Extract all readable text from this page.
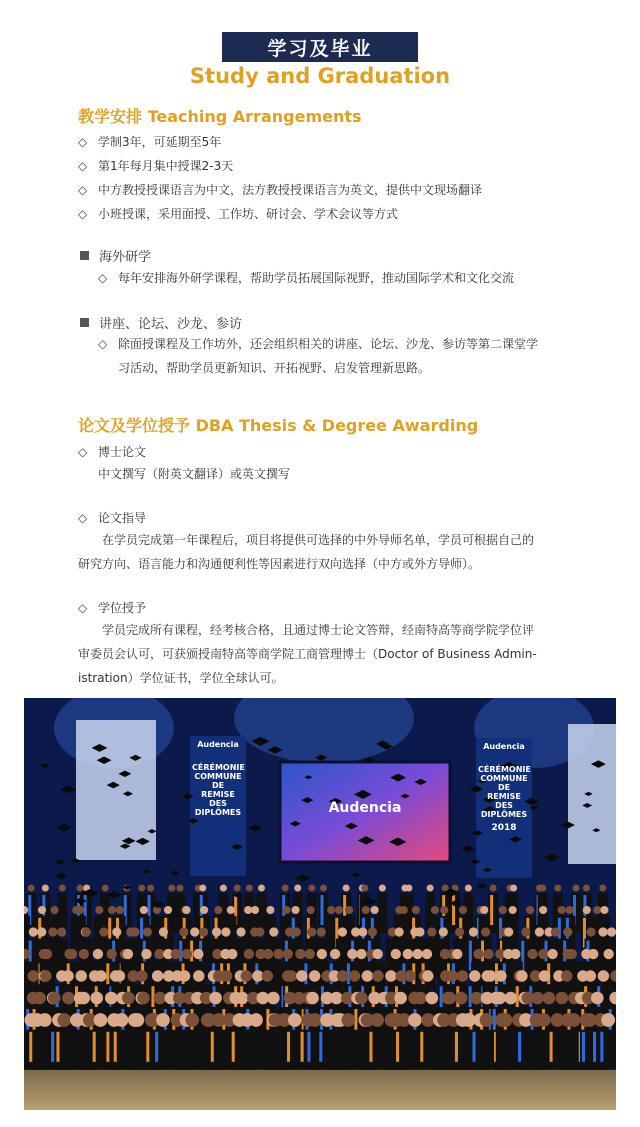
学习及毕业
Study and Graduation
教学安排 Teaching Arrangements
◇ 学制3年，可延期至5年
◇ 第1年每月集中授课2-3天
◇ 中方教授授课语言为中文，法方教授授课语言为英文，提供中文现场翻译
◇ 小班授课，采用面授、工作坊、研讨会、学术会议等方式
海外研学
◇ 每年安排海外研学课程，帮助学员拓展国际视野，推动国际学术和文化交流
讲座、论坛、沙龙、参访
◇ 除面授课程及工作坊外，还会组织相关的讲座、论坛、沙龙、参访等第二课堂学
习活动，帮助学员更新知识、开拓视野、启发管理新思路。
论文及学位授予 DBA Thesis & Degree Awarding
◇ 博士论文
中文撰写（附英文翻译）或英文撰写
◇ 论文指导
在学员完成第一年课程后，项目将提供可选择的中外导师名单，学员可根据自己的
研究方向、语言能力和沟通便利性等因素进行双向选择（中方或外方导师）。
◇ 学位授予
学员完成所有课程，经考核合格，且通过博士论文答辩，经南特高等商学院学位评
审委员会认可，可获颁授南特高等商学院工商管理博士（Doctor of Business Admin-
istration）学位证书，学位全球认可。
Audencia
CÉRÉMONIE
COMMUNE DE
REMISE DES
DIPLÔMES
Audencia
CÉRÉMONIE
COMMUNE DE
REMISE DES
DIPLÔMES
2018
Audencia
